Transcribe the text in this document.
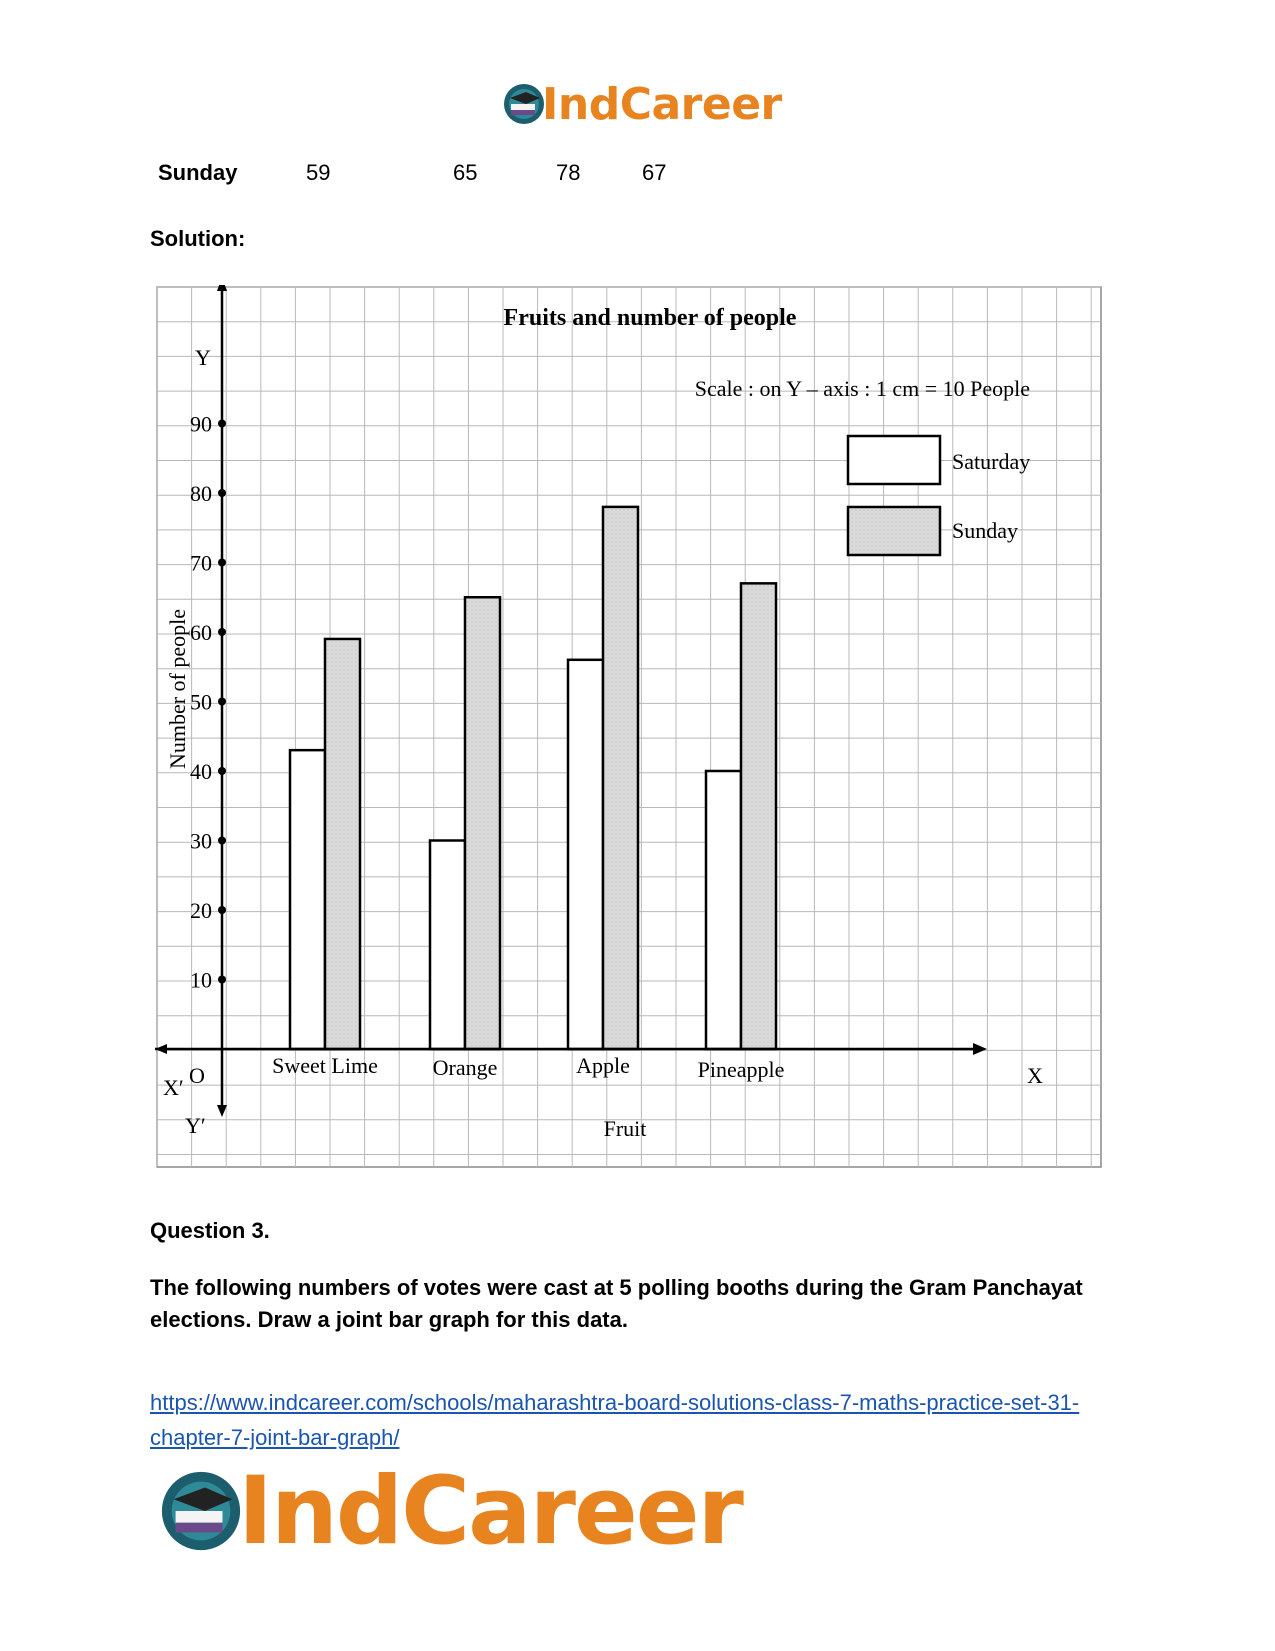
IndCareer
Sunday	59	65	78	67
Solution:
Fruits and number of people
Scale : on Y – axis : 1 cm = 10 People
Saturday
Sunday
O	X
X′
Y
Y′	Fruit
Number of people
10
20
30
40
50
60
70
80
90
Sweet Lime Orange	Apple	Pineapple
Question 3.
The following numbers of votes were cast at 5 polling booths during the Gram Panchayat elections. Draw a joint bar graph for this data.
https://www.indcareer.com/schools/maharashtra-board-solutions-class-7-maths-practice-set-31-chapter-7-joint-bar-graph/
IndCareer
